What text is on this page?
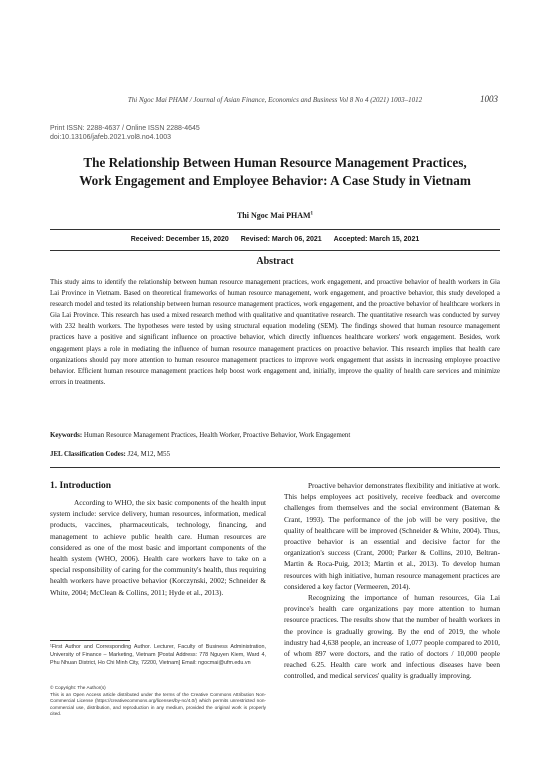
Thi Ngoc Mai PHAM / Journal of Asian Finance, Economics and Business Vol 8 No 4 (2021) 1003–1012	1003
Print ISSN: 2288-4637 / Online ISSN 2288-4645
doi:10.13106/jafeb.2021.vol8.no4.1003
The Relationship Between Human Resource Management Practices,
Work Engagement and Employee Behavior: A Case Study in Vietnam
Thi Ngoc Mai PHAM$^1$
Received: December 15, 2020 Revised: March 06, 2021 Accepted: March 15, 2021
Abstract
This study aims to identify the relationship between human resource management practices, work engagement, and proactive behavior of health workers in Gia Lai Province in Vietnam. Based on theoretical frameworks of human resource management, work engagement, and proactive behavior, this study developed a research model and tested its relationship between human resource management practices, work engagement, and the proactive behavior of healthcare workers in Gia Lai Province. This research has used a mixed research method with qualitative and quantitative research. The quantitative research was conducted by survey with 232 health workers. The hypotheses were tested by using structural equation modeling (SEM). The findings showed that human resource management practices have a positive and significant influence on proactive behavior, which directly influences healthcare workers' work engagement. Besides, work engagement plays a role in mediating the influence of human resource management practices on proactive behavior. This research implies that health care organizations should pay more attention to human resource management practices to improve work engagement that assists in increasing employee proactive behavior. Efficient human resource management practices help boost work engagement and, initially, improve the quality of health care services and minimize errors in treatments.
Keywords: Human Resource Management Practices, Health Worker, Proactive Behavior, Work Engagement
JEL Classification Codes: J24, M12, M55
1. Introduction

According to WHO, the six basic components of the health input system include: service delivery, human resources, information, medical products, vaccines, pharmaceuticals, technology, financing, and management to achieve public health care. Human resources are considered as one of the most basic and important components of the health system (WHO, 2006). Health care workers have to take on a special responsibility of caring for the community's health, thus requiring health workers have proactive behavior (Korczynski, 2002; Schneider & White, 2004; McClean & Collins, 2011; Hyde et al., 2013).

Proactive behavior demonstrates flexibility and initiative at work. This helps employees act positively, receive feedback and overcome challenges from themselves and the social environment (Bateman & Crant, 1993). The performance of the job will be very positive, the quality of healthcare will be improved (Schneider & White, 2004). Thus, proactive behavior is an essential and decisive factor for the organization's success (Crant, 2000; Parker & Collins, 2010, Beltran-Martin & Roca-Puig, 2013; Martin et al., 2013). To develop human resources with high initiative, human resource management practices are considered a key factor (Vermeeren, 2014).

Recognizing the importance of human resources, Gia Lai province's health care organizations pay more attention to human resource practices. The results show that the number of health workers in the province is gradually growing. By the end of 2019, the whole industry had 4,638 people, an increase of 1,077 people compared to 2010, of whom 897 were doctors, and the ratio of doctors / 10,000 people reached 6.25. Health care work and infectious diseases have been controlled, and medical services' quality is gradually improving.

¹First Author and Corresponding Author. Lecturer, Faculty of Business Administration, University of Finance – Marketing, Vietnam [Postal Address: 778 Nguyen Kiem, Ward 4, Phu Nhuan District, Ho Chi Minh City, 72200, Vietnam] Email: ngocmai@ufm.edu.vn
© Copyright: The Author(s)
This is an Open Access article distributed under the terms of the Creative Commons Attribution Non-Commercial License (https://creativecommons.org/licenses/by-nc/4.0/) which permits unrestricted non-commercial use, distribution, and reproduction in any medium, provided the original work is properly cited.
